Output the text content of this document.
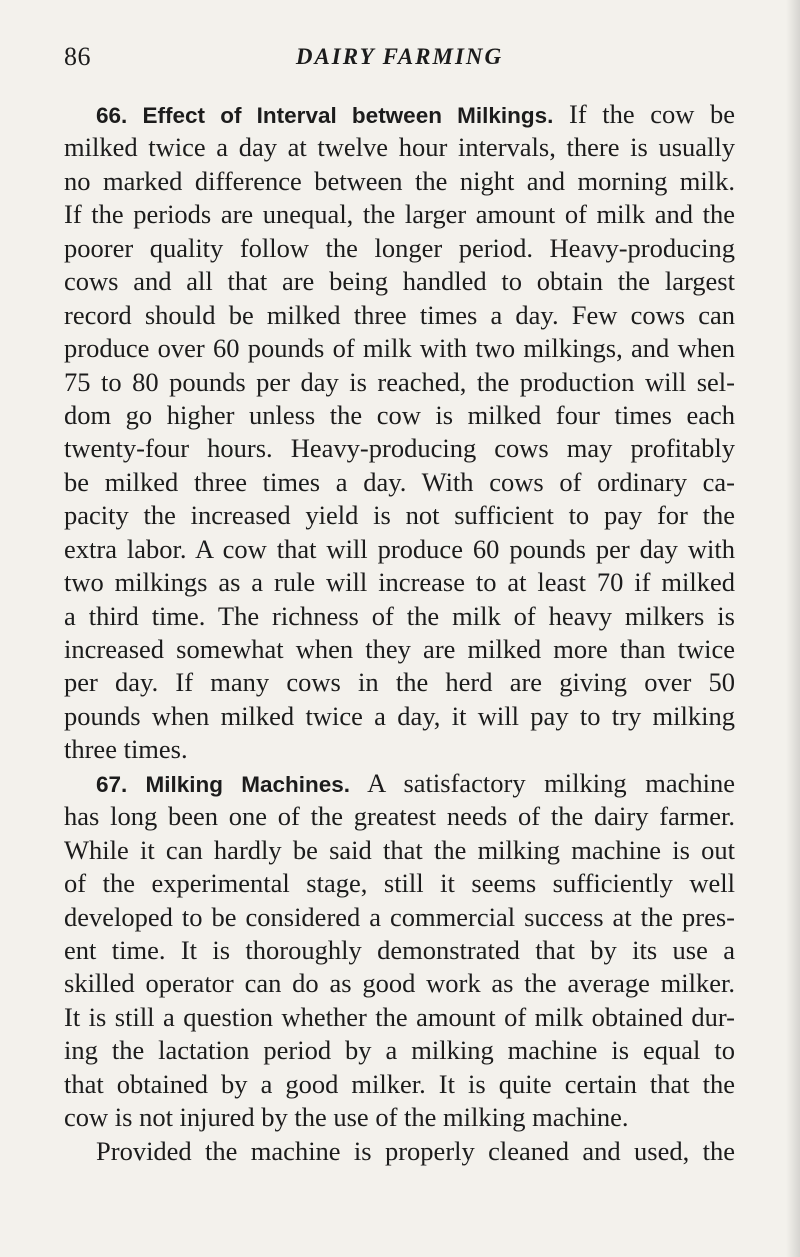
86	DAIRY FARMING
66. Effect of Interval between Milkings. If the cow be
milked twice a day at twelve hour intervals, there is usually
no marked difference between the night and morning milk.
If the periods are unequal, the larger amount of milk and the
poorer quality follow the longer period. Heavy-producing
cows and all that are being handled to obtain the largest
record should be milked three times a day. Few cows can
produce over 60 pounds of milk with two milkings, and when
75 to 80 pounds per day is reached, the production will sel-
dom go higher unless the cow is milked four times each
twenty-four hours. Heavy-producing cows may profitably
be milked three times a day. With cows of ordinary ca-
pacity the increased yield is not sufficient to pay for the
extra labor. A cow that will produce 60 pounds per day with
two milkings as a rule will increase to at least 70 if milked
a third time. The richness of the milk of heavy milkers is
increased somewhat when they are milked more than twice
per day. If many cows in the herd are giving over 50
pounds when milked twice a day, it will pay to try milking
three times.
67. Milking Machines. A satisfactory milking machine
has long been one of the greatest needs of the dairy farmer.
While it can hardly be said that the milking machine is out
of the experimental stage, still it seems sufficiently well
developed to be considered a commercial success at the pres-
ent time. It is thoroughly demonstrated that by its use a
skilled operator can do as good work as the average milker.
It is still a question whether the amount of milk obtained dur-
ing the lactation period by a milking machine is equal to
that obtained by a good milker. It is quite certain that the
cow is not injured by the use of the milking machine.
Provided the machine is properly cleaned and used, the
